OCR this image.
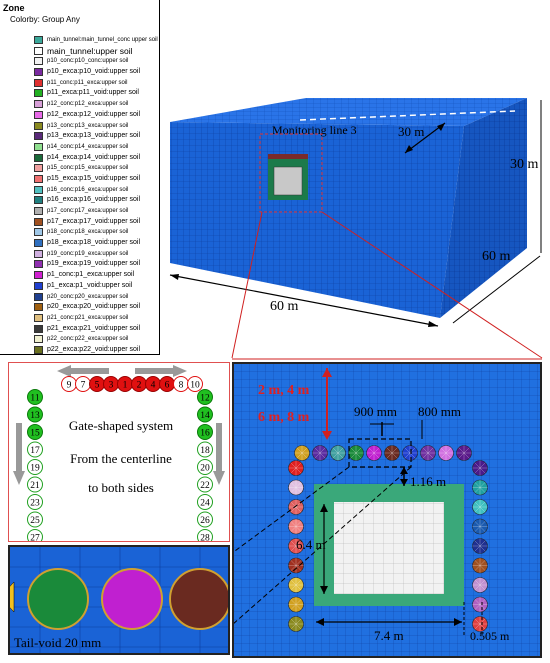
Zone
Colorby: Group Any
main_tunnel:main_tunnel_conc upper soil
main_tunnel:upper soil
p10_conc:p10_conc:upper soil
p10_exca:p10_void:upper soil
p11_conc:p11_exca:upper soil
p11_exca:p11_void:upper soil
p12_conc:p12_exca:upper soil
p12_exca:p12_void:upper soil
p13_conc:p13_exca:upper soil
p13_exca:p13_void:upper soil
p14_conc:p14_exca:upper soil
p14_exca:p14_void:upper soil
p15_conc:p15_exca:upper soil
p15_exca:p15_void:upper soil
p16_conc:p16_exca:upper soil
p16_exca:p16_void:upper soil
p17_conc:p17_exca:upper soil
p17_exca:p17_void:upper soil
p18_conc:p18_exca:upper soil
p18_exca:p18_void:upper soil
p19_conc:p19_exca:upper soil
p19_exca:p19_void:upper soil
p1_conc:p1_exca:upper soil
p1_exca:p1_void:upper soil
p20_conc:p20_exca:upper soil
p20_exca:p20_void:upper soil
p21_conc:p21_exca:upper soil
p21_exca:p21_void:upper soil
p22_conc:p22_exca:upper soil
p22_exca:p22_void:upper soil
Monitoring line 3	30 m
30 m
60 m
60 m
9 7 5 3 1 2 4 6 8 10
11
13
15
17
19
21
23
25
27
12
14
16
18
20
22
24
26
28
Gate-shaped system
From the centerline
to both sides
Tail-void 20 mm
2 m, 4 m
6 m, 8 m	900 mm 800 mm
1.16 m
6.4 m
7.4 m	0.505 m
